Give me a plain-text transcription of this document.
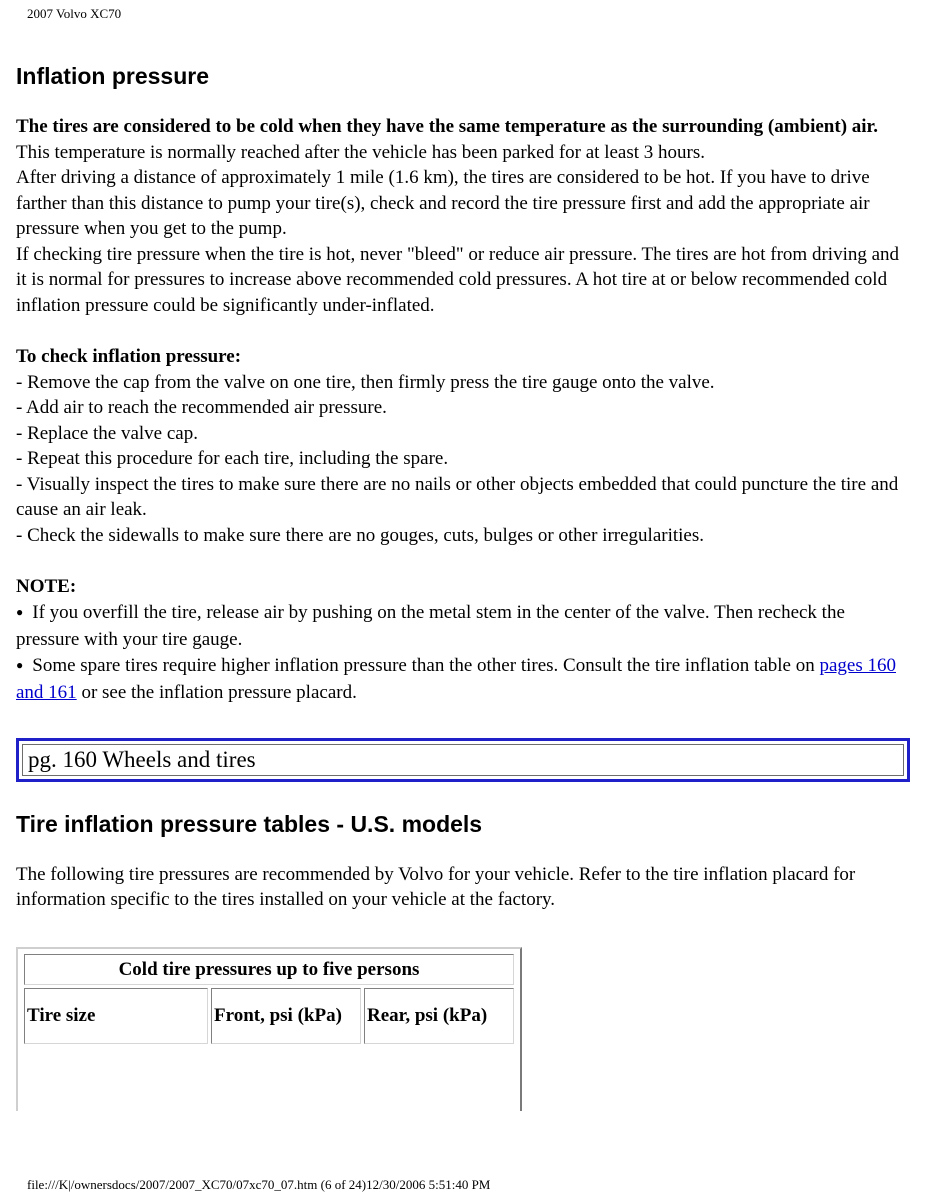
2007 Volvo XC70
Inflation pressure

The tires are considered to be cold when they have the same temperature as the surrounding (ambient) air.

This temperature is normally reached after the vehicle has been parked for at least 3 hours.

After driving a distance of approximately 1 mile (1.6 km), the tires are considered to be hot. If you have to drive farther than this distance to pump your tire(s), check and record the tire pressure first and add the appropriate air pressure when you get to the pump.

If checking tire pressure when the tire is hot, never "bleed" or reduce air pressure. The tires are hot from driving and it is normal for pressures to increase above recommended cold pressures. A hot tire at or below recommended cold inflation pressure could be significantly under-inflated.

To check inflation pressure:

- Remove the cap from the valve on one tire, then firmly press the tire gauge onto the valve.

- Add air to reach the recommended air pressure.

- Replace the valve cap.

- Repeat this procedure for each tire, including the spare.

- Visually inspect the tires to make sure there are no nails or other objects embedded that could puncture the tire and cause an air leak.

- Check the sidewalls to make sure there are no gouges, cuts, bulges or other irregularities.

NOTE:

● If you overfill the tire, release air by pushing on the metal stem in the center of the valve. Then recheck the pressure with your tire gauge.

● Some spare tires require higher inflation pressure than the other tires. Consult the tire inflation table on pages 160 and 161 or see the inflation pressure placard.

pg. 160 Wheels and tires
Tire inflation pressure tables - U.S. models

The following tire pressures are recommended by Volvo for your vehicle. Refer to the tire inflation placard for information specific to the tires installed on your vehicle at the factory.

Cold tire pressures up to five persons
Tire size	Front, psi (kPa)	Rear, psi (kPa)
file:///K|/ownersdocs/2007/2007_XC70/07xc70_07.htm (6 of 24)12/30/2006 5:51:40 PM
